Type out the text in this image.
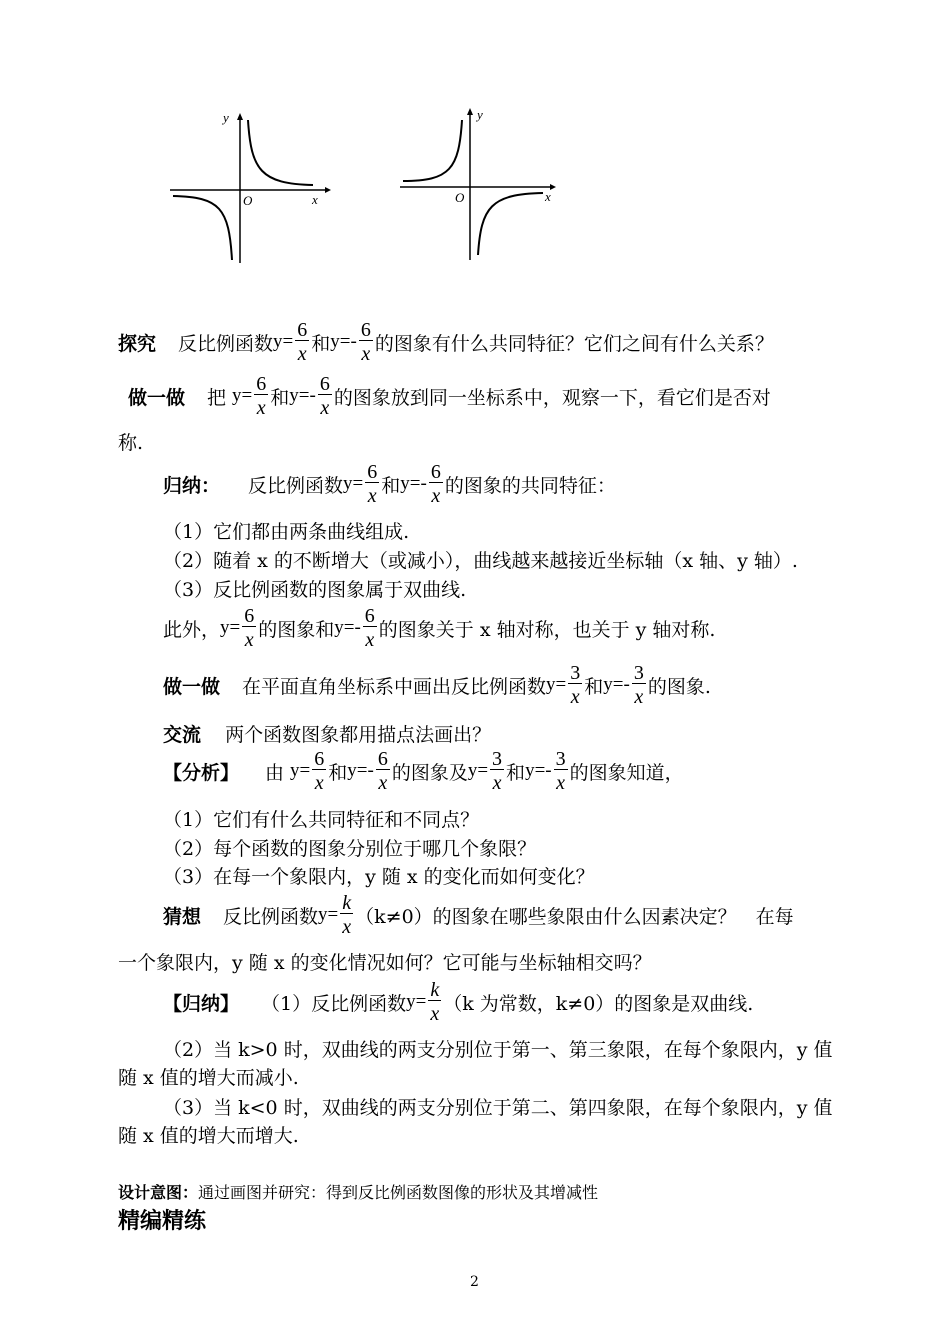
y
x
O
y
x
O
探究 反比例函数 $y= \frac{6}{x}$ 和 $y=- \frac{6}{x}$ 的图象有什么共同特征？它们之间有什么关系？
做一做 把 $y= \frac{6}{x}$ 和 $y=- \frac{6}{x}$ 的图象放到同一坐标系中，观察一下，看它们是否对
称.
归纳： 反比例函数 $y= \frac{6}{x}$ 和 $y=- \frac{6}{x}$ 的图象的共同特征：
（1）它们都由两条曲线组成.
（2）随着 x 的不断增大（或减小），曲线越来越接近坐标轴（x 轴、y 轴）.
（3）反比例函数的图象属于双曲线.
此外， $y= \frac{6}{x}$ 的图象和 $y=- \frac{6}{x}$ 的图象关于 x 轴对称，也关于 y 轴对称.
做一做 在平面直角坐标系中画出反比例函数 $y= \frac{3}{x}$ 和 $y=- \frac{3}{x}$ 的图象.
交流 两个函数图象都用描点法画出？
【分析】 由 $y= \frac{6}{x}$ 和 $y=- \frac{6}{x}$ 的图象及 $y= \frac{3}{x}$ 和 $y=- \frac{3}{x}$ 的图象知道，
（1）它们有什么共同特征和不同点？
（2）每个函数的图象分别位于哪几个象限？
（3）在每一个象限内，y 随 x 的变化而如何变化？
猜想 反比例函数 $y= \frac{k}{x} (k\ne 0)$的图象在哪些象限由什么因素决定？　在每
一个象限内，y 随 x 的变化情况如何？它可能与坐标轴相交吗？
【归纳】 （1）反比例函数 $y= \frac{k}{x} (k$ 为常数，k≠0）的图象是双曲线.
（2）当 k>0 时，双曲线的两支分别位于第一、第三象限，在每个象限内，y 值
随 x 值的增大而减小.
（3）当 k<0 时，双曲线的两支分别位于第二、第四象限，在每个象限内，y 值
随 x 值的增大而增大.
设计意图：通过画图并研究：得到反比例函数图像的形状及其增减性
精编精练
2
